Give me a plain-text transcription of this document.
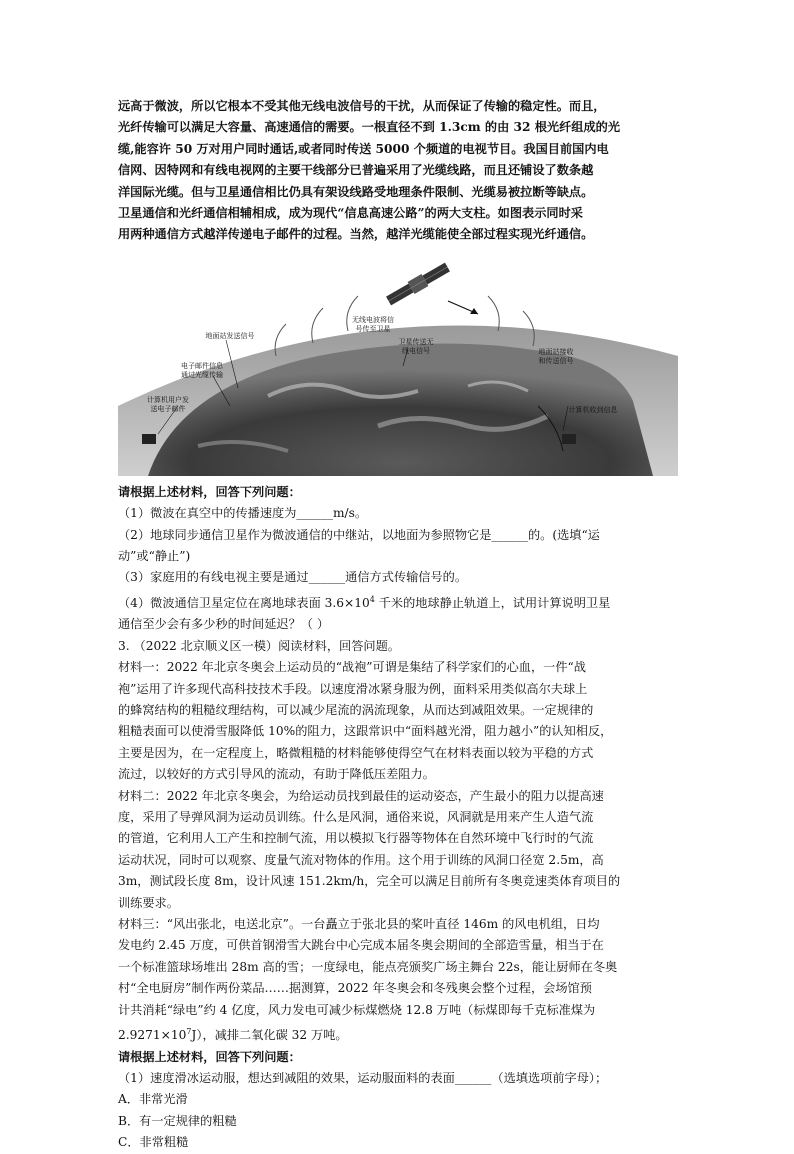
远高于微波，所以它根本不受其他无线电波信号的干扰，从而保证了传输的稳定性。而且，

光纤传输可以满足大容量、高速通信的需要。一根直径不到 1.3cm 的由 32 根光纤组成的光

缆,能容许 50 万对用户同时通话,或者同时传送 5000 个频道的电视节目。我国目前国内电

信网、因特网和有线电视网的主要干线部分已普遍采用了光缆线路，而且还铺设了数条越

洋国际光缆。但与卫星通信相比仍具有架设线路受地理条件限制、光缆易被拉断等缺点。

卫星通信和光纤通信相辅相成，成为现代“信息高速公路”的两大支柱。如图表示同时采

用两种通信方式越洋传递电子邮件的过程。当然，越洋光缆能使全部过程实现光纤通信。

无线电波将信
号传至卫星
地面站发送信号
卫星传送无
线电信号	地面站接收
和传送信号
电子邮件信息
通过光缆传输
计算机用户发
送电子邮件	计算机收到信息

请根据上述材料，回答下列问题：

（1）微波在真空中的传播速度为______m/s。

（2）地球同步通信卫星作为微波通信的中继站，以地面为参照物它是______的。(选填“运

动”或“静止”)

（3）家庭用的有线电视主要是通过______通信方式传输信号的。

（4）微波通信卫星定位在离地球表面 $3.6\times 10^4$ 千米的地球静止轨道上，试用计算说明卫星

通信至少会有多少秒的时间延迟？（ ）

3. （2022 北京顺义区一模）阅读材料，回答问题。

材料一：2022 年北京冬奥会上运动员的“战袍”可谓是集结了科学家们的心血，一件“战

袍”运用了许多现代高科技技术手段。以速度滑冰紧身服为例，面料采用类似高尔夫球上

的蜂窝结构的粗糙纹理结构，可以减少尾流的涡流现象，从而达到减阻效果。一定规律的

粗糙表面可以使滑雪服降低 10%的阻力，这跟常识中“面料越光滑，阻力越小”的认知相反，

主要是因为，在一定程度上，略微粗糙的材料能够使得空气在材料表面以较为平稳的方式

流过，以较好的方式引导风的流动，有助于降低压差阻力。

材料二：2022 年北京冬奥会，为给运动员找到最佳的运动姿态，产生最小的阻力以提高速

度，采用了导弹风洞为运动员训练。什么是风洞，通俗来说，风洞就是用来产生人造气流

的管道，它利用人工产生和控制气流，用以模拟飞行器等物体在自然环境中飞行时的气流

运动状况，同时可以观察、度量气流对物体的作用。这个用于训练的风洞口径宽 2.5m，高

3m，测试段长度 8m，设计风速 151.2km/h，完全可以满足目前所有冬奥竞速类体育项目的

训练要求。

材料三：“风出张北，电送北京”。一台矗立于张北县的桨叶直径 146m 的风电机组，日均

发电约 2.45 万度，可供首钢滑雪大跳台中心完成本届冬奥会期间的全部造雪量，相当于在

一个标准篮球场堆出 28m 高的雪；一度绿电，能点亮颁奖广场主舞台 22s，能让厨师在冬奥

村“全电厨房”制作两份菜品……据测算，2022 年冬奥会和冬残奥会整个过程，会场馆预

计共消耗“绿电”约 4 亿度，风力发电可减少标煤燃烧 12.8 万吨（标煤即每千克标准煤为

$2.9271\times 10^7J$），减排二氧化碳 32 万吨。

请根据上述材料，回答下列问题：

（1）速度滑冰运动服，想达到减阻的效果，运动服面料的表面______（选填选项前字母）；

A．非常光滑

B．有一定规律的粗糙

C．非常粗糙
